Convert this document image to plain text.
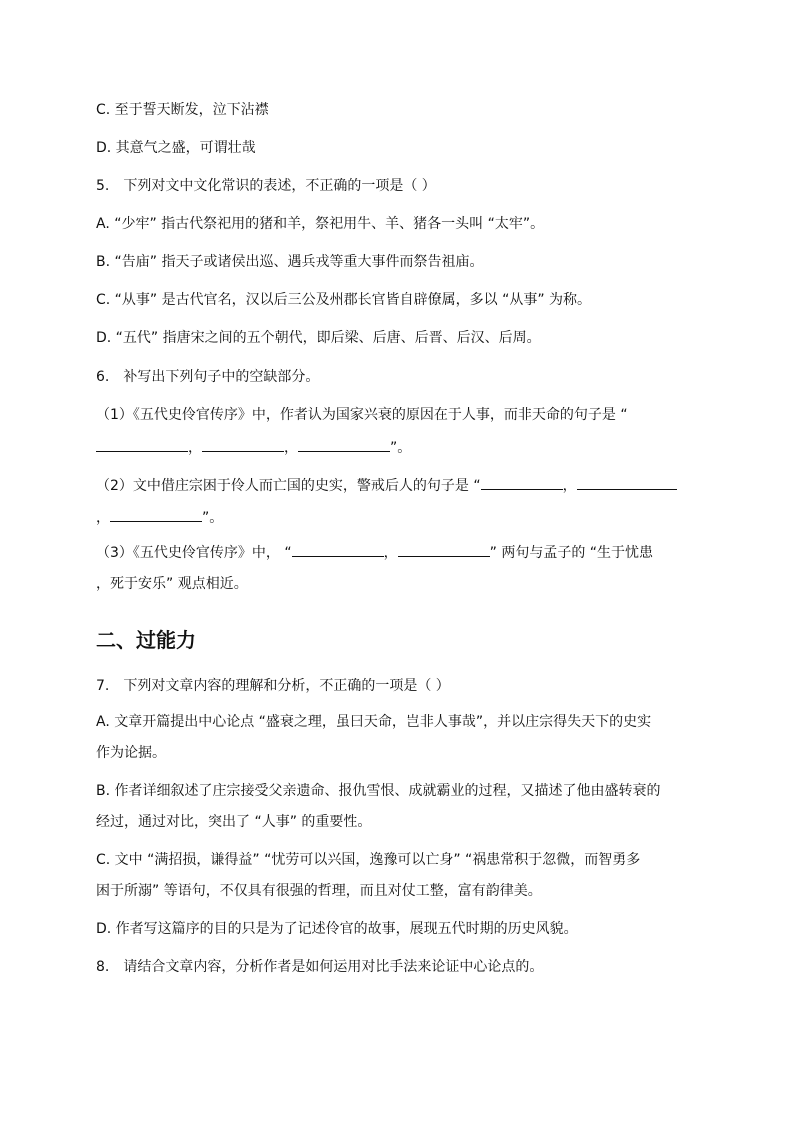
C. 至于誓天断发，泣下沾襟
D. 其意气之盛，可谓壮哉
5.　下列对文中文化常识的表述，不正确的一项是（ ）
A. “少牢” 指古代祭祀用的猪和羊，祭祀用牛、羊、猪各一头叫 “太牢”。
B. “告庙” 指天子或诸侯出巡、遇兵戎等重大事件而祭告祖庙。
C. “从事” 是古代官名，汉以后三公及州郡长官皆自辟僚属，多以 “从事” 为称。
D. “五代” 指唐宋之间的五个朝代，即后梁、后唐、后晋、后汉、后周。
6.　补写出下列句子中的空缺部分。
（1）《五代史伶官传序》中，作者认为国家兴衰的原因在于人事，而非天命的句子是 “
，	，	”。
（2）文中借庄宗困于伶人而亡国的史实，警戒后人的句子是 “	，
，	”。
（3）《五代史伶官传序》中， “	，	” 两句与孟子的 “生于忧患
，死于安乐” 观点相近。
二、过能力
7.　下列对文章内容的理解和分析，不正确的一项是（ ）
A. 文章开篇提出中心论点 “盛衰之理，虽曰天命，岂非人事哉”，并以庄宗得失天下的史实
作为论据。
B. 作者详细叙述了庄宗接受父亲遗命、报仇雪恨、成就霸业的过程，又描述了他由盛转衰的
经过，通过对比，突出了 “人事” 的重要性。
C. 文中 “满招损，谦得益” “忧劳可以兴国，逸豫可以亡身” “祸患常积于忽微，而智勇多
困于所溺” 等语句，不仅具有很强的哲理，而且对仗工整，富有韵律美。
D. 作者写这篇序的目的只是为了记述伶官的故事，展现五代时期的历史风貌。
8.　请结合文章内容，分析作者是如何运用对比手法来论证中心论点的。
